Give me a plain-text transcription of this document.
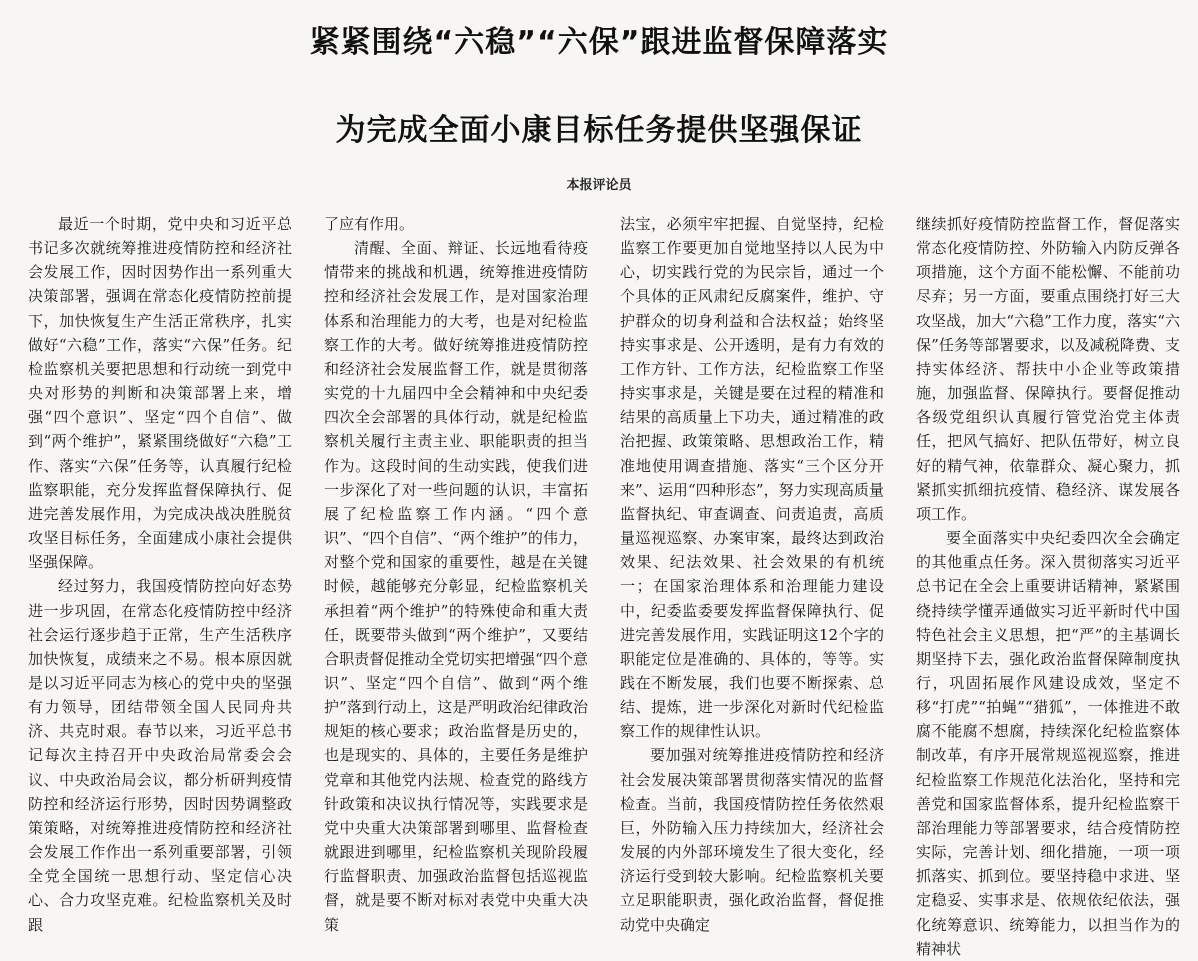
紧紧围绕“六稳”“六保”跟进监督保障落实
为完成全面小康目标任务提供坚强保证
本报评论员

最近一个时期，党中央和习近平总书记多次就统筹推进疫情防控和经济社会发展工作，因时因势作出一系列重大决策部署，强调在常态化疫情防控前提下，加快恢复生产生活正常秩序，扎实做好“六稳”工作，落实“六保”任务。纪检监察机关要把思想和行动统一到党中央对形势的判断和决策部署上来，增强“四个意识”、坚定“四个自信”、做到“两个维护”，紧紧围绕做好“六稳”工作、落实“六保”任务等，认真履行纪检监察职能，充分发挥监督保障执行、促进完善发展作用，为完成决战决胜脱贫攻坚目标任务，全面建成小康社会提供坚强保障。

经过努力，我国疫情防控向好态势进一步巩固，在常态化疫情防控中经济社会运行逐步趋于正常，生产生活秩序加快恢复，成绩来之不易。根本原因就是以习近平同志为核心的党中央的坚强有力领导，团结带领全国人民同舟共济、共克时艰。春节以来，习近平总书记每次主持召开中央政治局常委会会议、中央政治局会议，都分析研判疫情防控和经济运行形势，因时因势调整政策策略，对统筹推进疫情防控和经济社会发展工作作出一系列重要部署，引领全党全国统一思想行动、坚定信心决心、合力攻坚克难。纪检监察机关及时跟

了应有作用。

清醒、全面、辩证、长远地看待疫情带来的挑战和机遇，统筹推进疫情防控和经济社会发展工作，是对国家治理体系和治理能力的大考，也是对纪检监察工作的大考。做好统筹推进疫情防控和经济社会发展监督工作，就是贯彻落实党的十九届四中全会精神和中央纪委四次全会部署的具体行动，就是纪检监察机关履行主责主业、职能职责的担当作为。这段时间的生动实践，使我们进一步深化了对一些问题的认识，丰富拓展了纪检监察工作内涵。“四个意识”、“四个自信”、“两个维护”的伟力，对整个党和国家的重要性，越是在关键时候，越能够充分彰显，纪检监察机关承担着“两个维护”的特殊使命和重大责任，既要带头做到“两个维护”，又要结合职责督促推动全党切实把增强“四个意识”、坚定“四个自信”、做到“两个维护”落到行动上，这是严明政治纪律政治规矩的核心要求；政治监督是历史的，也是现实的、具体的，主要任务是维护党章和其他党内法规、检查党的路线方针政策和决议执行情况等，实践要求是党中央重大决策部署到哪里、监督检查就跟进到哪里，纪检监察机关现阶段履行监督职责、加强政治监督包括巡视监督，就是要不断对标对表党中央重大决策

法宝，必须牢牢把握、自觉坚持，纪检监察工作要更加自觉地坚持以人民为中心，切实践行党的为民宗旨，通过一个个具体的正风肃纪反腐案件，维护、守护群众的切身利益和合法权益；始终坚持实事求是、公开透明，是有力有效的工作方针、工作方法，纪检监察工作坚持实事求是，关键是要在过程的精准和结果的高质量上下功夫，通过精准的政治把握、政策策略、思想政治工作，精准地使用调查措施、落实“三个区分开来”、运用“四种形态”，努力实现高质量监督执纪、审查调查、问责追责，高质量巡视巡察、办案审案，最终达到政治效果、纪法效果、社会效果的有机统一；在国家治理体系和治理能力建设中，纪委监委要发挥监督保障执行、促进完善发展作用，实践证明这12个字的职能定位是准确的、具体的，等等。实践在不断发展，我们也要不断探索、总结、提炼，进一步深化对新时代纪检监察工作的规律性认识。

要加强对统筹推进疫情防控和经济社会发展决策部署贯彻落实情况的监督检查。当前，我国疫情防控任务依然艰巨，外防输入压力持续加大，经济社会发展的内外部环境发生了很大变化，经济运行受到较大影响。纪检监察机关要立足职能职责，强化政治监督，督促推动党中央确定

继续抓好疫情防控监督工作，督促落实常态化疫情防控、外防输入内防反弹各项措施，这个方面不能松懈、不能前功尽弃；另一方面，要重点围绕打好三大攻坚战，加大“六稳”工作力度，落实“六保”任务等部署要求，以及减税降费、支持实体经济、帮扶中小企业等政策措施，加强监督、保障执行。要督促推动各级党组织认真履行管党治党主体责任，把风气搞好、把队伍带好，树立良好的精气神，依靠群众、凝心聚力，抓紧抓实抓细抗疫情、稳经济、谋发展各项工作。

要全面落实中央纪委四次全会确定的其他重点任务。深入贯彻落实习近平总书记在全会上重要讲话精神，紧紧围绕持续学懂弄通做实习近平新时代中国特色社会主义思想，把“严”的主基调长期坚持下去，强化政治监督保障制度执行，巩固拓展作风建设成效，坚定不移“打虎”“拍蝇”“猎狐”，一体推进不敢腐不能腐不想腐，持续深化纪检监察体制改革，有序开展常规巡视巡察，推进纪检监察工作规范化法治化，坚持和完善党和国家监督体系，提升纪检监察干部治理能力等部署要求，结合疫情防控实际，完善计划、细化措施，一项一项抓落实、抓到位。要坚持稳中求进、坚定稳妥、实事求是、依规依纪依法，强化统筹意识、统筹能力，以担当作为的精神状
